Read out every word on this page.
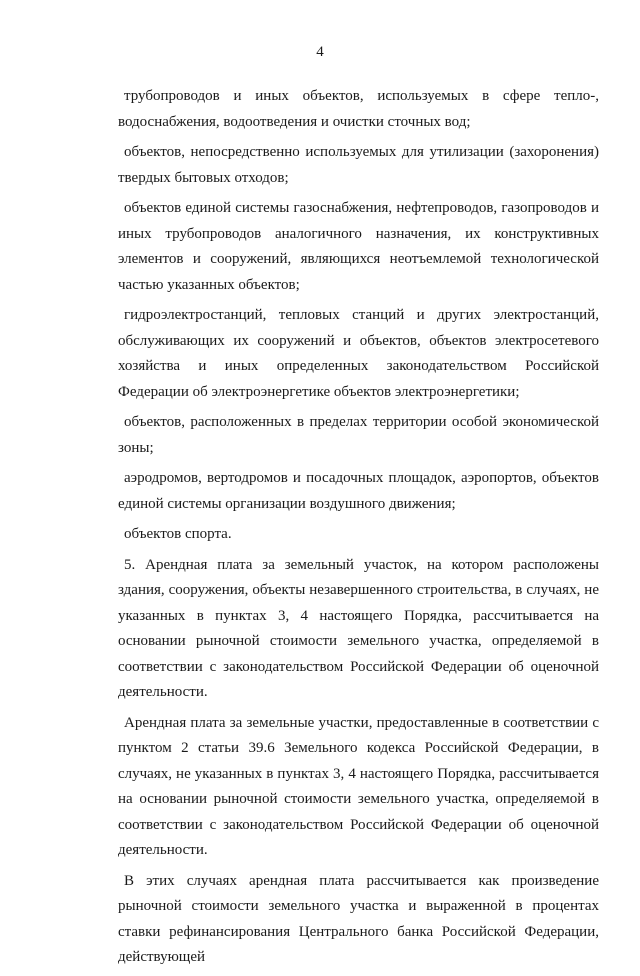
4

трубопроводов и иных объектов, используемых в сфере тепло-, водоснабжения, водоотведения и очистки сточных вод;

объектов, непосредственно используемых для утилизации (захоронения) твердых бытовых отходов;

объектов единой системы газоснабжения, нефтепроводов, газопроводов и иных трубопроводов аналогичного назначения, их конструктивных элементов и сооружений, являющихся неотъемлемой технологической частью указанных объектов;

гидроэлектростанций, тепловых станций и других электростанций, обслуживающих их сооружений и объектов, объектов электросетевого хозяйства и иных определенных законодательством Российской Федерации об электроэнергетике объектов электроэнергетики;

объектов, расположенных в пределах территории особой экономической зоны;

аэродромов, вертодромов и посадочных площадок, аэропортов, объектов единой системы организации воздушного движения;

объектов спорта.

5. Арендная плата за земельный участок, на котором расположены здания, сооружения, объекты незавершенного строительства, в случаях, не указанных в пунктах 3, 4 настоящего Порядка, рассчитывается на основании рыночной стоимости земельного участка, определяемой в соответствии с законодательством Российской Федерации об оценочной деятельности.

Арендная плата за земельные участки, предоставленные в соответствии с пунктом 2 статьи 39.6 Земельного кодекса Российской Федерации, в случаях, не указанных в пунктах 3, 4 настоящего Порядка, рассчитывается на основании рыночной стоимости земельного участка, определяемой в соответствии с законодательством Российской Федерации об оценочной деятельности.

В этих случаях арендная плата рассчитывается как произведение рыночной стоимости земельного участка и выраженной в процентах ставки рефинансирования Центрального банка Российской Федерации, действующей
